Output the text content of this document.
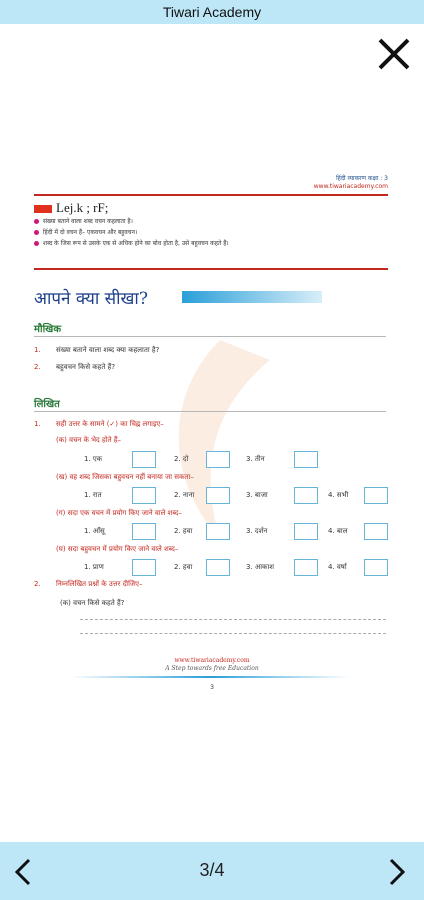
Tiwari Academy
हिंदी व्याकरण कक्षा : 3
www.tiwariacademy.com
Lej.k ; rF;
संख्या बताने वाला शब्द वचन कहलाता है।
हिंदी में दो वचन हैं– एकवचन और बहुवचन।
शब्द के जिस रूप से उसके एक से अधिक होने का बोध होता है, उसे बहुवचन कहते हैं।
आपने क्या सीखा?
मौखिक
1. संख्या बताने वाला शब्द क्या कहलाता है?
2. बहुवचन किसे कहते हैं?
लिखित
1. सही उत्तर के सामने (✓) का चिह्न लगाइए–
(क) वचन के भेद होते हैं–
1. एक	2. दो	3. तीन
(ख) वह शब्द जिसका बहुवचन नहीं बनाया जा सकता–
1. रात	2. नाना	3. बाजा	4. सभी
(ग) सदा एक वचन में प्रयोग किए जाने वाले शब्द–
1. आँसू	2. हवा	3. दर्शन	4. बाल
(घ) सदा बहुवचन में प्रयोग किए जाने वाले शब्द–
1. प्राण	2. हवा	3. आकाश	4. वर्षा
2. निम्नलिखित प्रश्नों के उत्तर दीजिए–
(क) वचन किसे कहते हैं?
www.tiwariacademy.com
A Step towards free Education
3
3/4
